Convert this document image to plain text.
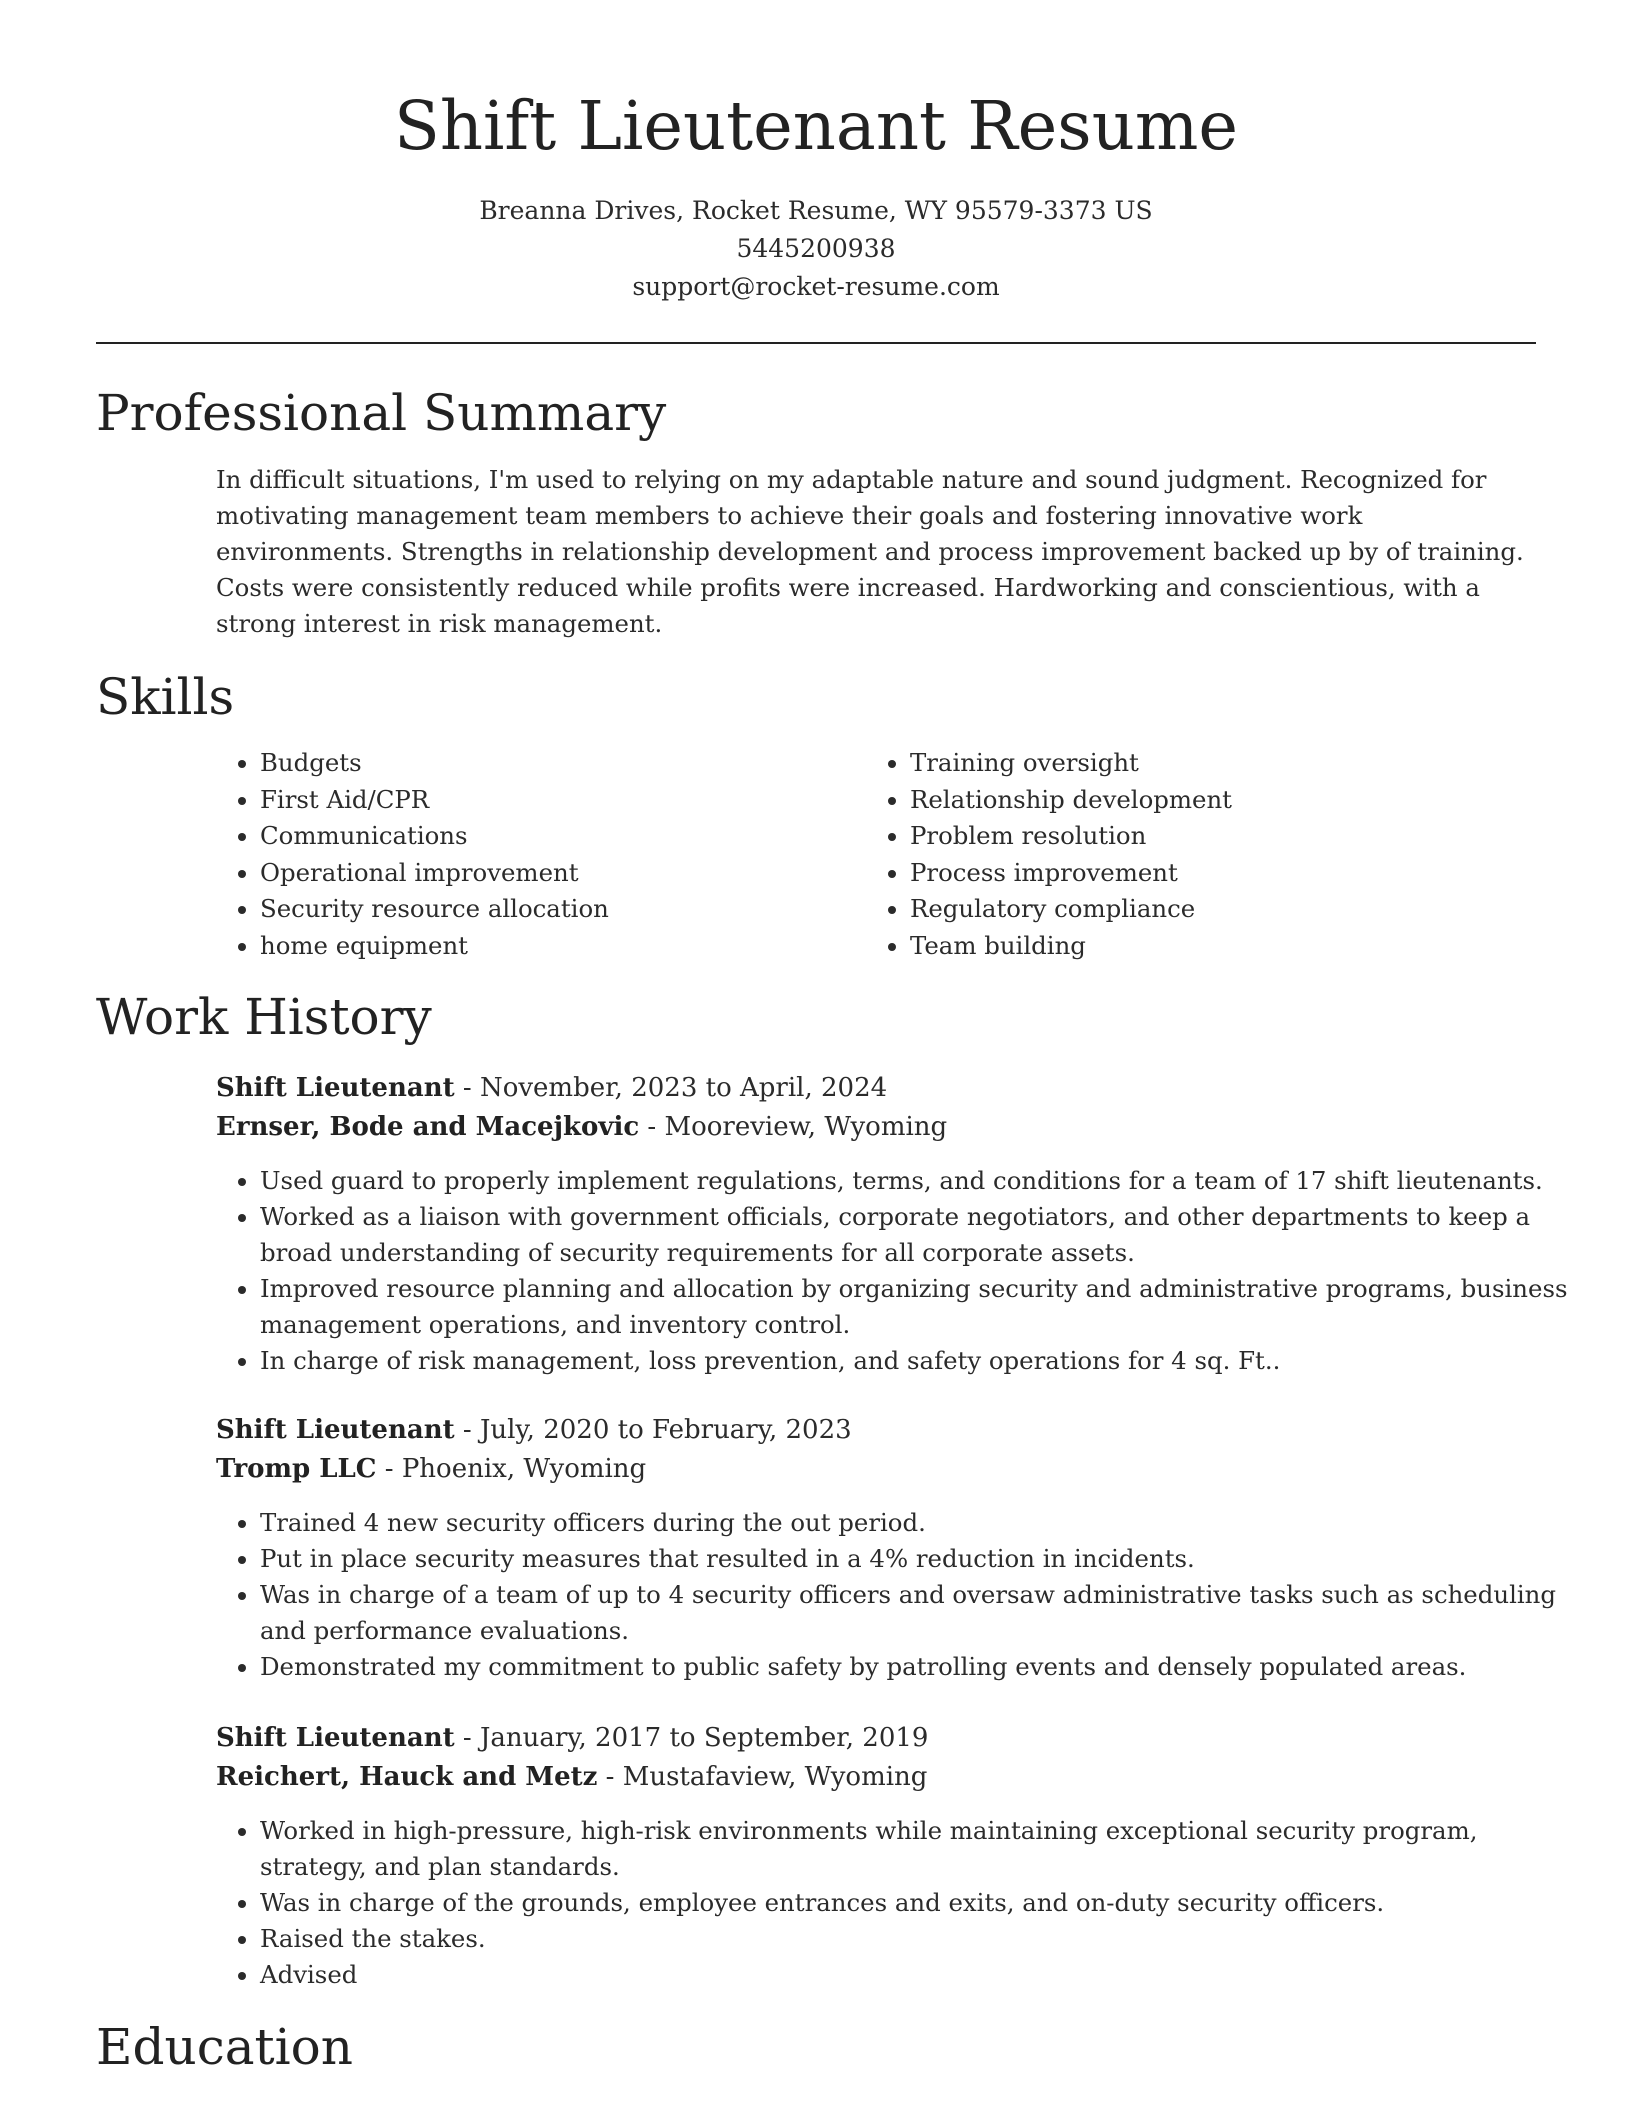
Shift Lieutenant Resume
Breanna Drives, Rocket Resume, WY 95579-3373 US
5445200938
support@rocket-resume.com
Professional Summary

In difficult situations, I'm used to relying on my adaptable nature and sound judgment. Recognized for motivating management team members to achieve their goals and fostering innovative work environments. Strengths in relationship development and process improvement backed up by of training. Costs were consistently reduced while profits were increased. Hardworking and conscientious, with a strong interest in risk management.

Skills
• Budgets
• First Aid/CPR
• Communications
• Operational improvement
• Security resource allocation
• home equipment
• Training oversight
• Relationship development
• Problem resolution
• Process improvement
• Regulatory compliance
• Team building
Work History
Shift Lieutenant - November, 2023 to April, 2024
Ernser, Bode and Macejkovic - Mooreview, Wyoming
• Used guard to properly implement regulations, terms, and conditions for a team of 17 shift lieutenants.
• Worked as a liaison with government officials, corporate negotiators, and other departments to keep a broad understanding of security requirements for all corporate assets.
• Improved resource planning and allocation by organizing security and administrative programs, business management operations, and inventory control.
• In charge of risk management, loss prevention, and safety operations for 4 sq. Ft..
Shift Lieutenant - July, 2020 to February, 2023
Tromp LLC - Phoenix, Wyoming
• Trained 4 new security officers during the out period.
• Put in place security measures that resulted in a 4% reduction in incidents.
• Was in charge of a team of up to 4 security officers and oversaw administrative tasks such as scheduling and performance evaluations.
• Demonstrated my commitment to public safety by patrolling events and densely populated areas.
Shift Lieutenant - January, 2017 to September, 2019
Reichert, Hauck and Metz - Mustafaview, Wyoming
• Worked in high-pressure, high-risk environments while maintaining exceptional security program, strategy, and plan standards.
• Was in charge of the grounds, employee entrances and exits, and on-duty security officers.
• Raised the stakes.
• Advised
Education
